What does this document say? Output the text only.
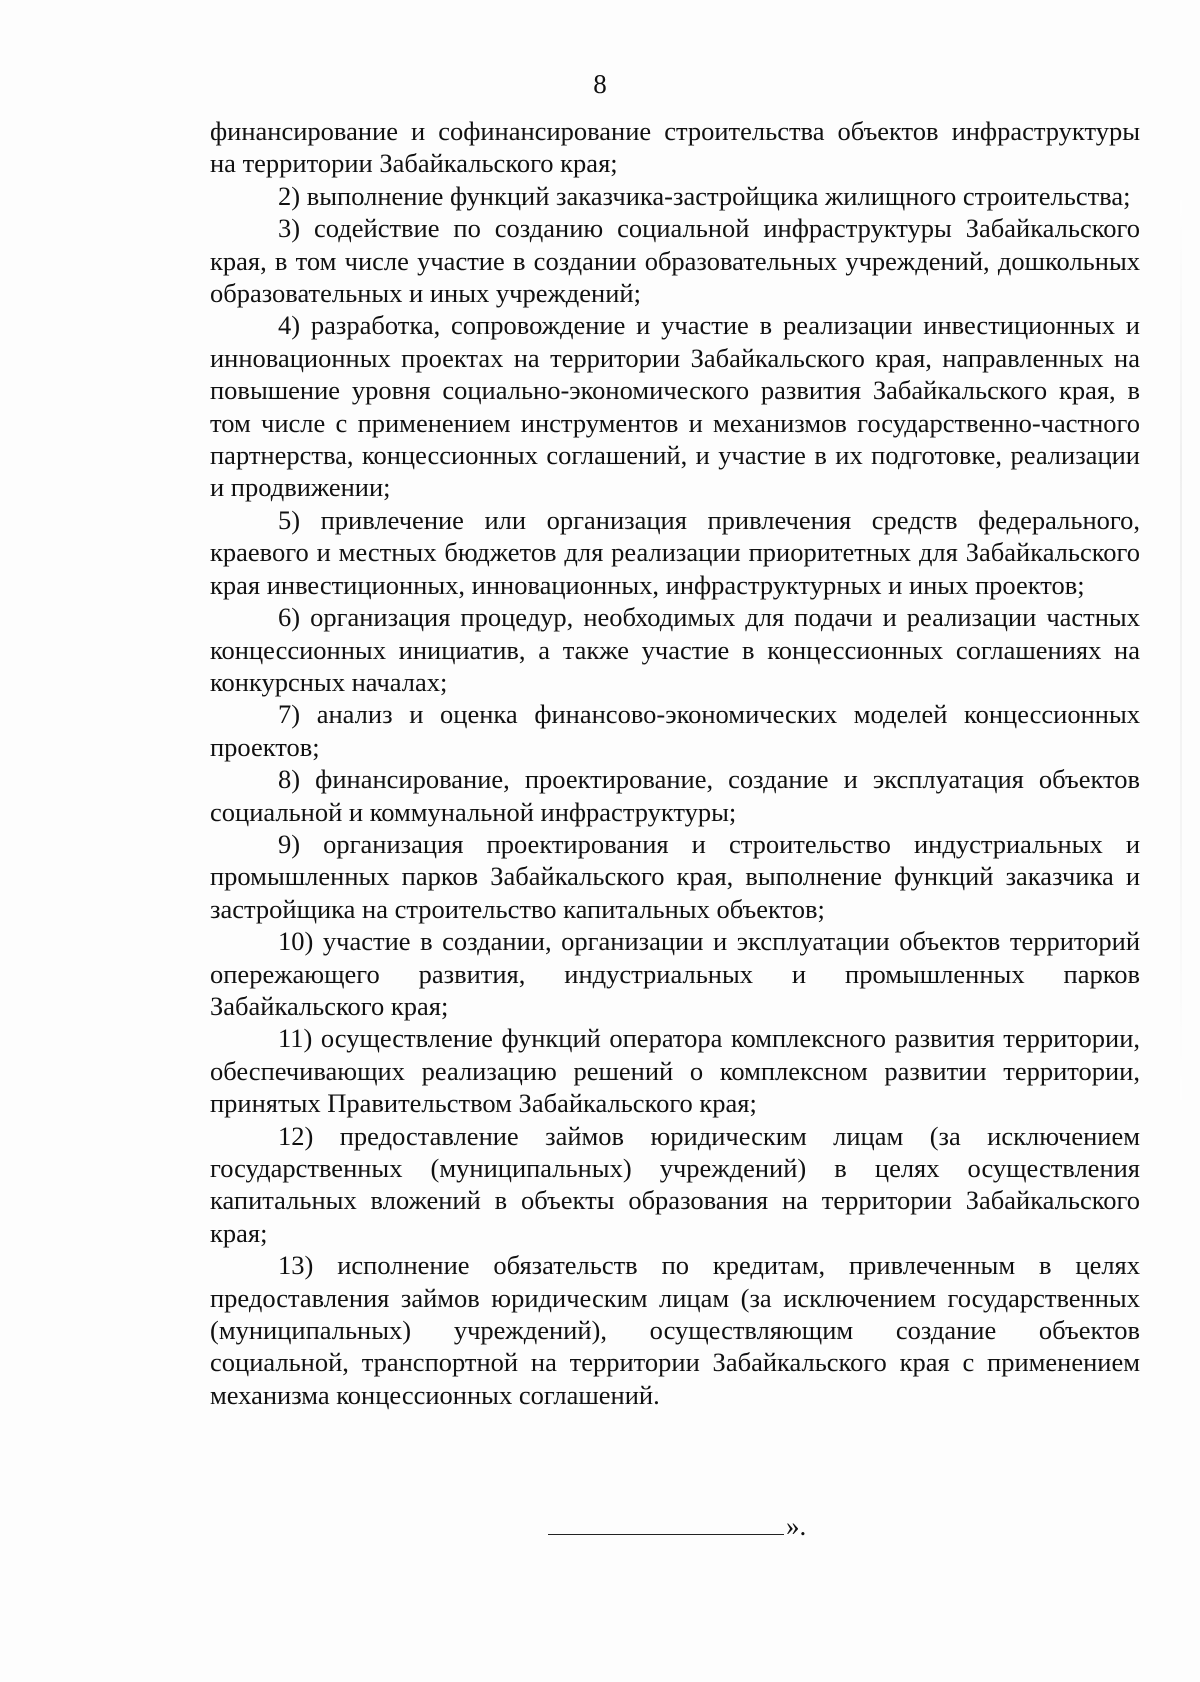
8

финансирование и софинансирование строительства объектов инфраструктуры на территории Забайкальского края;

2) выполнение функций заказчика-застройщика жилищного строительства;

3) содействие по созданию социальной инфраструктуры Забайкальского края, в том числе участие в создании образовательных учреждений, дошкольных образовательных и иных учреждений;

4) разработка, сопровождение и участие в реализации инвестиционных и инновационных проектах на территории Забайкальского края, направленных на повышение уровня социально-экономического развития Забайкальского края, в том числе с применением инструментов и механизмов государственно-частного партнерства, концессионных соглашений, и участие в их подготовке, реализации и продвижении;

5) привлечение или организация привлечения средств федерального, краевого и местных бюджетов для реализации приоритетных для Забайкальского края инвестиционных, инновационных, инфраструктурных и иных проектов;

6) организация процедур, необходимых для подачи и реализации частных концессионных инициатив, а также участие в концессионных соглашениях на конкурсных началах;

7) анализ и оценка финансово-экономических моделей концессионных проектов;

8) финансирование, проектирование, создание и эксплуатация объектов социальной и коммунальной инфраструктуры;

9) организация проектирования и строительство индустриальных и промышленных парков Забайкальского края, выполнение функций заказчика и застройщика на строительство капитальных объектов;

10) участие в создании, организации и эксплуатации объектов территорий опережающего развития, индустриальных и промышленных парков Забайкальского края;

11) осуществление функций оператора комплексного развития территории, обеспечивающих реализацию решений о комплексном развитии территории, принятых Правительством Забайкальского края;

12) предоставление займов юридическим лицам (за исключением государственных (муниципальных) учреждений) в целях осуществления капитальных вложений в объекты образования на территории Забайкальского края;

13) исполнение обязательств по кредитам, привлеченным в целях предоставления займов юридическим лицам (за исключением государственных (муниципальных) учреждений), осуществляющим создание объектов социальной, транспортной на территории Забайкальского края с применением механизма концессионных соглашений.

».
